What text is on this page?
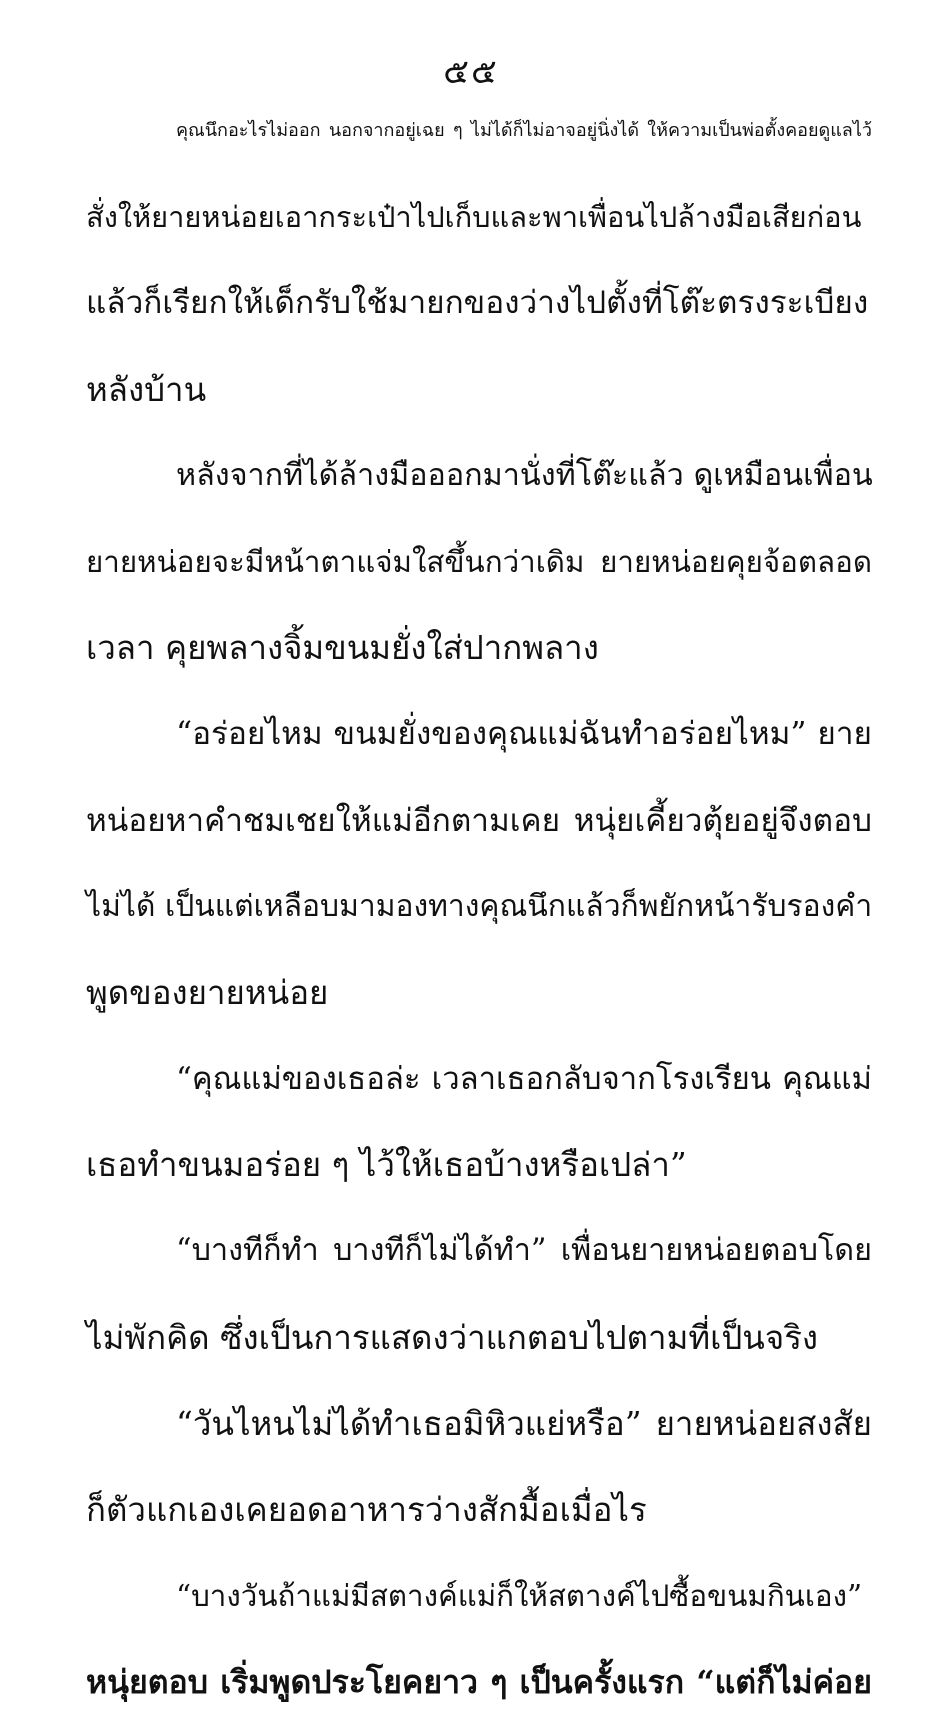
๕๕
คุณนึกอะไรไม่ออก นอกจากอยู่เฉย ๆ ไม่ได้ก็ไม่อาจอยู่นิ่งได้ ให้ความเป็นพ่อตั้งคอยดูแลไว้
สั่งให้ยายหน่อยเอากระเป๋าไปเก็บและพาเพื่อนไปล้างมือเสียก่อน
แล้วก็เรียกให้เด็กรับใช้มายกของว่างไปตั้งที่โต๊ะตรงระเบียง
หลังบ้าน
หลังจากที่ได้ล้างมือออกมานั่งที่โต๊ะแล้ว ดูเหมือนเพื่อน
ยายหน่อยจะมีหน้าตาแจ่มใสขึ้นกว่าเดิม ยายหน่อยคุยจ้อตลอด
เวลา คุยพลางจิ้มขนมยั่งใส่ปากพลาง
“อร่อยไหม ขนมยั่งของคุณแม่ฉันทำอร่อยไหม” ยาย
หน่อยหาคำชมเชยให้แม่อีกตามเคย หนุ่ยเคี้ยวตุ้ยอยู่จึงตอบ
ไม่ได้ เป็นแต่เหลือบมามองทางคุณนึกแล้วก็พยักหน้ารับรองคำ
พูดของยายหน่อย
“คุณแม่ของเธอล่ะ เวลาเธอกลับจากโรงเรียน คุณแม่
เธอทำขนมอร่อย ๆ ไว้ให้เธอบ้างหรือเปล่า”
“บางทีก็ทำ บางทีก็ไม่ได้ทำ” เพื่อนยายหน่อยตอบโดย
ไม่พักคิด ซึ่งเป็นการแสดงว่าแกตอบไปตามที่เป็นจริง
“วันไหนไม่ได้ทำเธอมิหิวแย่หรือ” ยายหน่อยสงสัย
ก็ตัวแกเองเคยอดอาหารว่างสักมื้อเมื่อไร
“บางวันถ้าแม่มีสตางค์แม่ก็ให้สตางค์ไปซื้อขนมกินเอง”
หนุ่ยตอบ เริ่มพูดประโยคยาว ๆ เป็นครั้งแรก “แต่ก็ไม่ค่อย
